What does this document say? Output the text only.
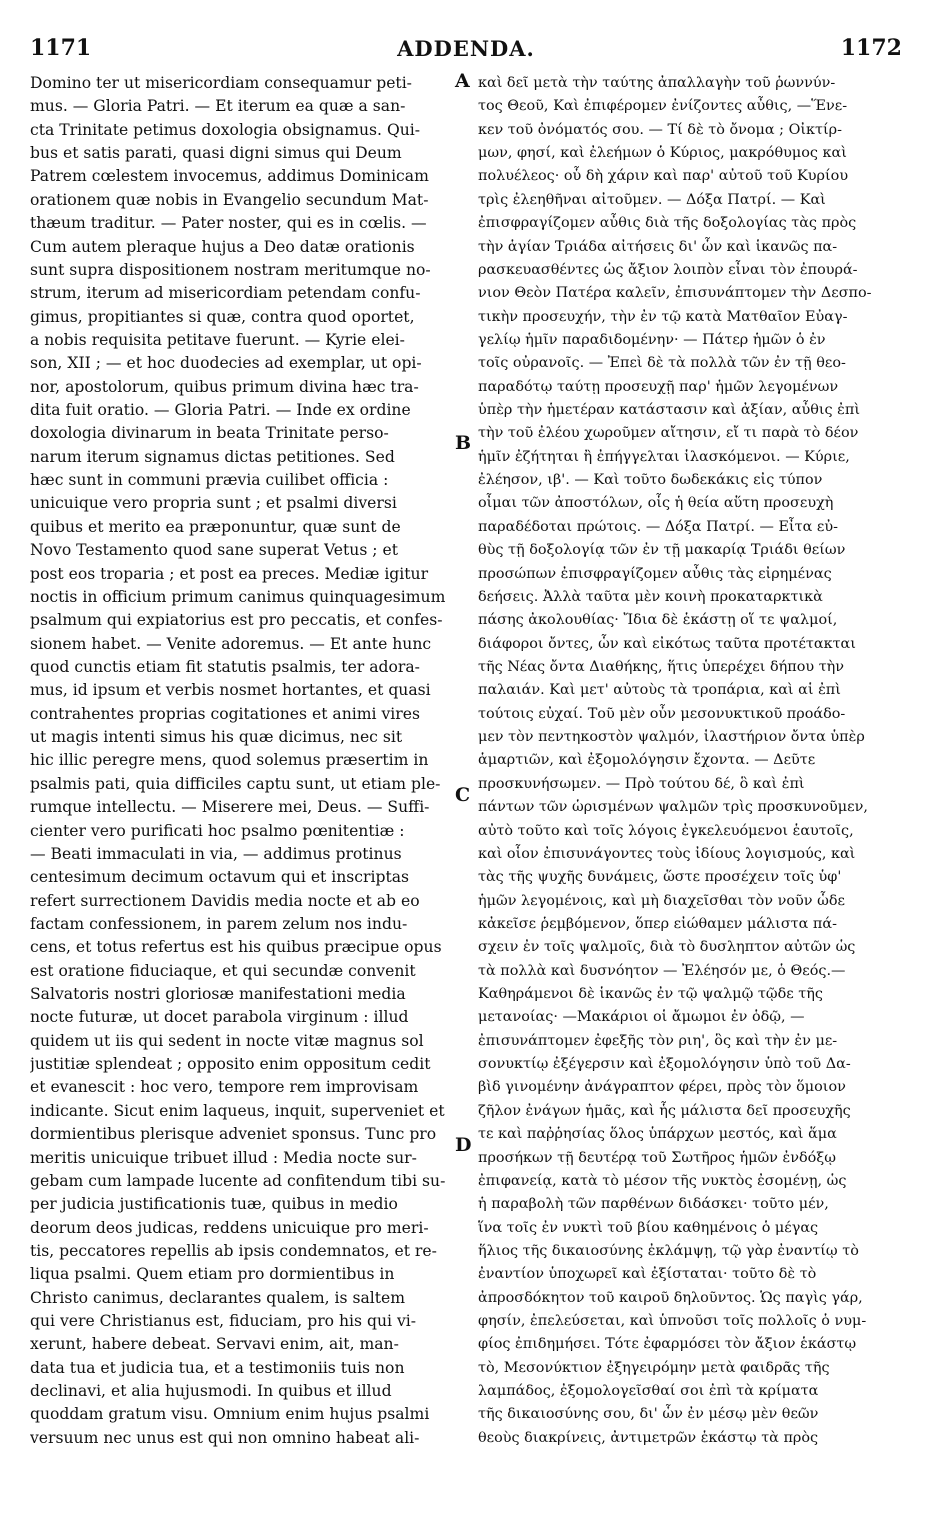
1171	ADDENDA.	1172
A
B
C
D
Domino ter ut misericordiam consequamur peti-
mus. — Gloria Patri. — Et iterum ea quæ a san-
cta Trinitate petimus doxologia obsignamus. Qui-
bus et satis parati, quasi digni simus qui Deum
Patrem cœlestem invocemus, addimus Dominicam
orationem quæ nobis in Evangelio secundum Mat-
thæum traditur. — Pater noster, qui es in cœlis. —
Cum autem pleraque hujus a Deo datæ orationis
sunt supra dispositionem nostram meritumque no-
strum, iterum ad misericordiam petendam confu-
gimus, propitiantes si quæ, contra quod oportet,
a nobis requisita petitave fuerunt. — Kyrie elei-
son, XII ; — et hoc duodecies ad exemplar, ut opi-
nor, apostolorum, quibus primum divina hæc tra-
dita fuit oratio. — Gloria Patri. — Inde ex ordine
doxologia divinarum in beata Trinitate perso-
narum iterum signamus dictas petitiones. Sed
hæc sunt in communi prævia cuilibet officia :
unicuique vero propria sunt ; et psalmi diversi
quibus et merito ea præponuntur, quæ sunt de
Novo Testamento quod sane superat Vetus ; et
post eos troparia ; et post ea preces. Mediæ igitur
noctis in officium primum canimus quinquagesimum
psalmum qui expiatorius est pro peccatis, et confes-
sionem habet. — Venite adoremus. — Et ante hunc
quod cunctis etiam fit statutis psalmis, ter adora-
mus, id ipsum et verbis nosmet hortantes, et quasi
contrahentes proprias cogitationes et animi vires
ut magis intenti simus his quæ dicimus, nec sit
hic illic peregre mens, quod solemus præsertim in
psalmis pati, quia difficiles captu sunt, ut etiam ple-
rumque intellectu. — Miserere mei, Deus. — Suffi-
cienter vero purificati hoc psalmo pœnitentiæ :
— Beati immaculati in via, — addimus protinus
centesimum decimum octavum qui et inscriptas
refert surrectionem Davidis media nocte et ab eo
factam confessionem, in parem zelum nos indu-
cens, et totus refertus est his quibus præcipue opus
est oratione fiduciaque, et qui secundæ convenit
Salvatoris nostri gloriosæ manifestationi media
nocte futuræ, ut docet parabola virginum : illud
quidem ut iis qui sedent in nocte vitæ magnus sol
justitiæ splendeat ; opposito enim oppositum cedit
et evanescit : hoc vero, tempore rem improvisam
indicante. Sicut enim laqueus, inquit, superveniet et
dormientibus plerisque adveniet sponsus. Tunc pro
meritis unicuique tribuet illud : Media nocte sur-
gebam cum lampade lucente ad confitendum tibi su-
per judicia justificationis tuæ, quibus in medio
deorum deos judicas, reddens unicuique pro meri-
tis, peccatores repellis ab ipsis condemnatos, et re-
liqua psalmi. Quem etiam pro dormientibus in
Christo canimus, declarantes qualem, is saltem
qui vere Christianus est, fiduciam, pro his qui vi-
xerunt, habere debeat. Servavi enim, ait, man-
data tua et judicia tua, et a testimoniis tuis non
declinavi, et alia hujusmodi. In quibus et illud
quoddam gratum visu. Omnium enim hujus psalmi
versuum nec unus est qui non omnino habeat ali-
καὶ δεῖ μετὰ τὴν ταύτης ἀπαλλαγὴν τοῦ ῥωννύν-
τος Θεοῦ, Καὶ ἐπιφέρομεν ἐνίζοντες αὖθις, —Ἕνε-
κεν τοῦ ὀνόματός σου. — Τί δὲ τὸ ὄνομα ; Οἰκτίρ-
μων, φησί, καὶ ἐλεήμων ὁ Κύριος, μακρόθυμος καὶ
πολυέλεος· οὗ δὴ χάριν καὶ παρ' αὐτοῦ τοῦ Κυρίου
τρὶς ἐλεηθῆναι αἰτοῦμεν. — Δόξα Πατρί. — Καὶ
ἐπισφραγίζομεν αὖθις διὰ τῆς δοξολογίας τὰς πρὸς
τὴν ἁγίαν Τριάδα αἰτήσεις δι' ὧν καὶ ἱκανῶς πα-
ρασκευασθέντες ὡς ἄξιον λοιπὸν εἶναι τὸν ἐπουρά-
νιον Θεὸν Πατέρα καλεῖν, ἐπισυνάπτομεν τὴν Δεσπο-
τικὴν προσευχήν, τὴν ἐν τῷ κατὰ Ματθαῖον Εὐαγ-
γελίῳ ἡμῖν παραδιδομένην· — Πάτερ ἡμῶν ὁ ἐν
τοῖς οὐρανοῖς. — Ἐπεὶ δὲ τὰ πολλὰ τῶν ἐν τῇ θεο-
παραδότῳ ταύτῃ προσευχῇ παρ' ἡμῶν λεγομένων
ὑπὲρ τὴν ἡμετέραν κατάστασιν καὶ ἀξίαν, αὖθις ἐπὶ
τὴν τοῦ ἐλέου χωροῦμεν αἴτησιν, εἴ τι παρὰ τὸ δέον
ἡμῖν ἐζήτηται ἢ ἐπήγγελται ἱλασκόμενοι. — Κύριε,
ἐλέησον, ιβ'. — Καὶ τοῦτο δωδεκάκις εἰς τύπον
οἶμαι τῶν ἀποστόλων, οἷς ἡ θεία αὕτη προσευχὴ
παραδέδοται πρώτοις. — Δόξα Πατρί. — Εἶτα εὐ-
θὺς τῇ δοξολογίᾳ τῶν ἐν τῇ μακαρίᾳ Τριάδι θείων
προσώπων ἐπισφραγίζομεν αὖθις τὰς εἰρημένας
δεήσεις. Ἀλλὰ ταῦτα μὲν κοινὴ προκαταρκτικὰ
πάσης ἀκολουθίας· Ἴδια δὲ ἑκάστῃ οἵ τε ψαλμοί,
διάφοροι ὄντες, ὧν καὶ εἰκότως ταῦτα προτέτακται
τῆς Νέας ὄντα Διαθήκης, ἥτις ὑπερέχει δήπου τὴν
παλαιάν. Καὶ μετ' αὐτοὺς τὰ τροπάρια, καὶ αἱ ἐπὶ
τούτοις εὐχαί. Τοῦ μὲν οὖν μεσονυκτικοῦ προάδο-
μεν τὸν πεντηκοστὸν ψαλμόν, ἱλαστήριον ὄντα ὑπὲρ
ἁμαρτιῶν, καὶ ἐξομολόγησιν ἔχοντα. — Δεῦτε
προσκυνήσωμεν. — Πρὸ τούτου δέ, ὃ καὶ ἐπὶ
πάντων τῶν ὡρισμένων ψαλμῶν τρὶς προσκυνοῦμεν,
αὐτὸ τοῦτο καὶ τοῖς λόγοις ἐγκελευόμενοι ἑαυτοῖς,
καὶ οἷον ἐπισυνάγοντες τοὺς ἰδίους λογισμούς, καὶ
τὰς τῆς ψυχῆς δυνάμεις, ὥστε προσέχειν τοῖς ὑφ'
ἡμῶν λεγομένοις, καὶ μὴ διαχεῖσθαι τὸν νοῦν ὧδε
κἀκεῖσε ῥεμβόμενον, ὅπερ εἰώθαμεν μάλιστα πά-
σχειν ἐν τοῖς ψαλμοῖς, διὰ τὸ δυσληπτον αὐτῶν ὡς
τὰ πολλὰ καὶ δυσνόητον — Ἐλέησόν με, ὁ Θεός.—
Καθηράμενοι δὲ ἱκανῶς ἐν τῷ ψαλμῷ τῷδε τῆς
μετανοίας· —Μακάριοι οἱ ἄμωμοι ἐν ὁδῷ, —
ἐπισυνάπτομεν ἐφεξῆς τὸν ριη', ὃς καὶ τὴν ἐν με-
σονυκτίῳ ἐξέγερσιν καὶ ἐξομολόγησιν ὑπὸ τοῦ Δα-
βὶδ γινομένην ἀνάγραπτον φέρει, πρὸς τὸν ὅμοιον
ζῆλον ἐνάγων ἡμᾶς, καὶ ἧς μάλιστα δεῖ προσευχῆς
τε καὶ παῤῥησίας ὅλος ὑπάρχων μεστός, καὶ ἅμα
προσήκων τῇ δευτέρᾳ τοῦ Σωτῆρος ἡμῶν ἐνδόξῳ
ἐπιφανείᾳ, κατὰ τὸ μέσον τῆς νυκτὸς ἐσομένῃ, ὡς
ἡ παραβολὴ τῶν παρθένων διδάσκει· τοῦτο μέν,
ἵνα τοῖς ἐν νυκτὶ τοῦ βίου καθημένοις ὁ μέγας
ἥλιος τῆς δικαιοσύνης ἐκλάμψῃ, τῷ γὰρ ἐναντίῳ τὸ
ἐναντίον ὑποχωρεῖ καὶ ἐξίσταται· τοῦτο δὲ τὸ
ἀπροσδόκητον τοῦ καιροῦ δηλοῦντος. Ὡς παγὶς γάρ,
φησίν, ἐπελεύσεται, καὶ ὑπνοῦσι τοῖς πολλοῖς ὁ νυμ-
φίος ἐπιδημήσει. Τότε ἐφαρμόσει τὸν ἄξιον ἑκάστῳ
τὸ, Μεσονύκτιον ἐξηγειρόμην μετὰ φαιδρᾶς τῆς
λαμπάδος, ἐξομολογεῖσθαί σοι ἐπὶ τὰ κρίματα
τῆς δικαιοσύνης σου, δι' ὧν ἐν μέσῳ μὲν θεῶν
θεοὺς διακρίνεις, ἀντιμετρῶν ἑκάστῳ τὰ πρὸς
